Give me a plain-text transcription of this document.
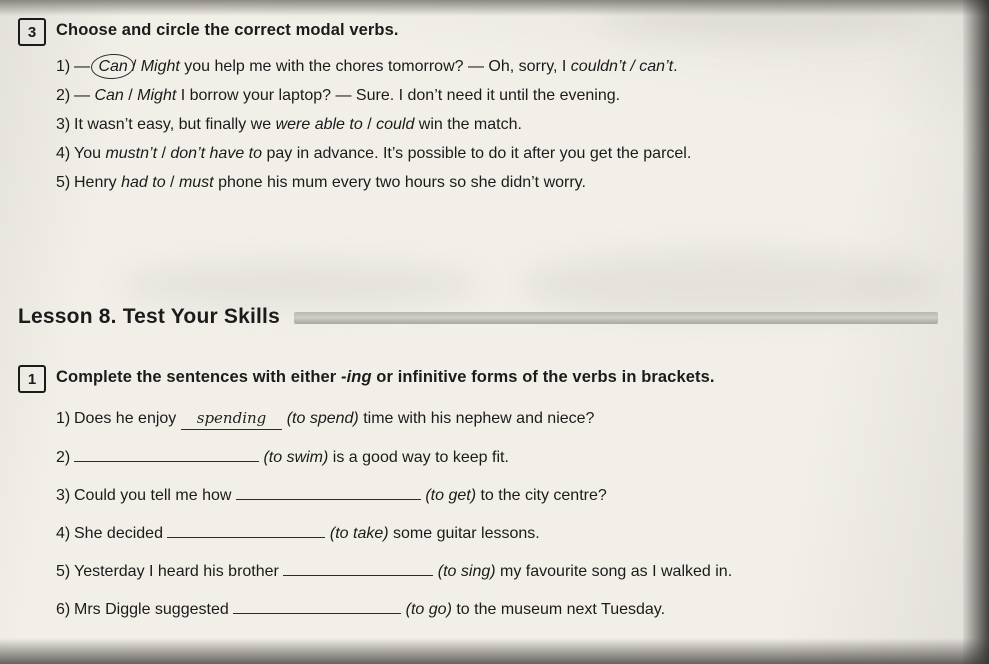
3	Choose and circle the correct modal verbs.
1) — Can / Might you help me with the chores tomorrow? — Oh, sorry, I couldn’t / can’t.
2) — Can / Might I borrow your laptop? — Sure. I don’t need it until the evening.
3) It wasn’t easy, but finally we were able to / could win the match.
4) You mustn’t / don’t have to pay in advance. It’s possible to do it after you get the parcel.
5) Henry had to / must phone his mum every two hours so she didn’t worry.
Lesson 8. Test Your Skills
1	Complete the sentences with either -ing or infinitive forms of the verbs in brackets.
1) Does he enjoy spending (to spend) time with his nephew and niece?
2)	(to swim) is a good way to keep fit.
3) Could you tell me how	(to get) to the city centre?
4) She decided	(to take) some guitar lessons.
5) Yesterday I heard his brother	(to sing) my favourite song as I walked in.
6) Mrs Diggle suggested	(to go) to the museum next Tuesday.
